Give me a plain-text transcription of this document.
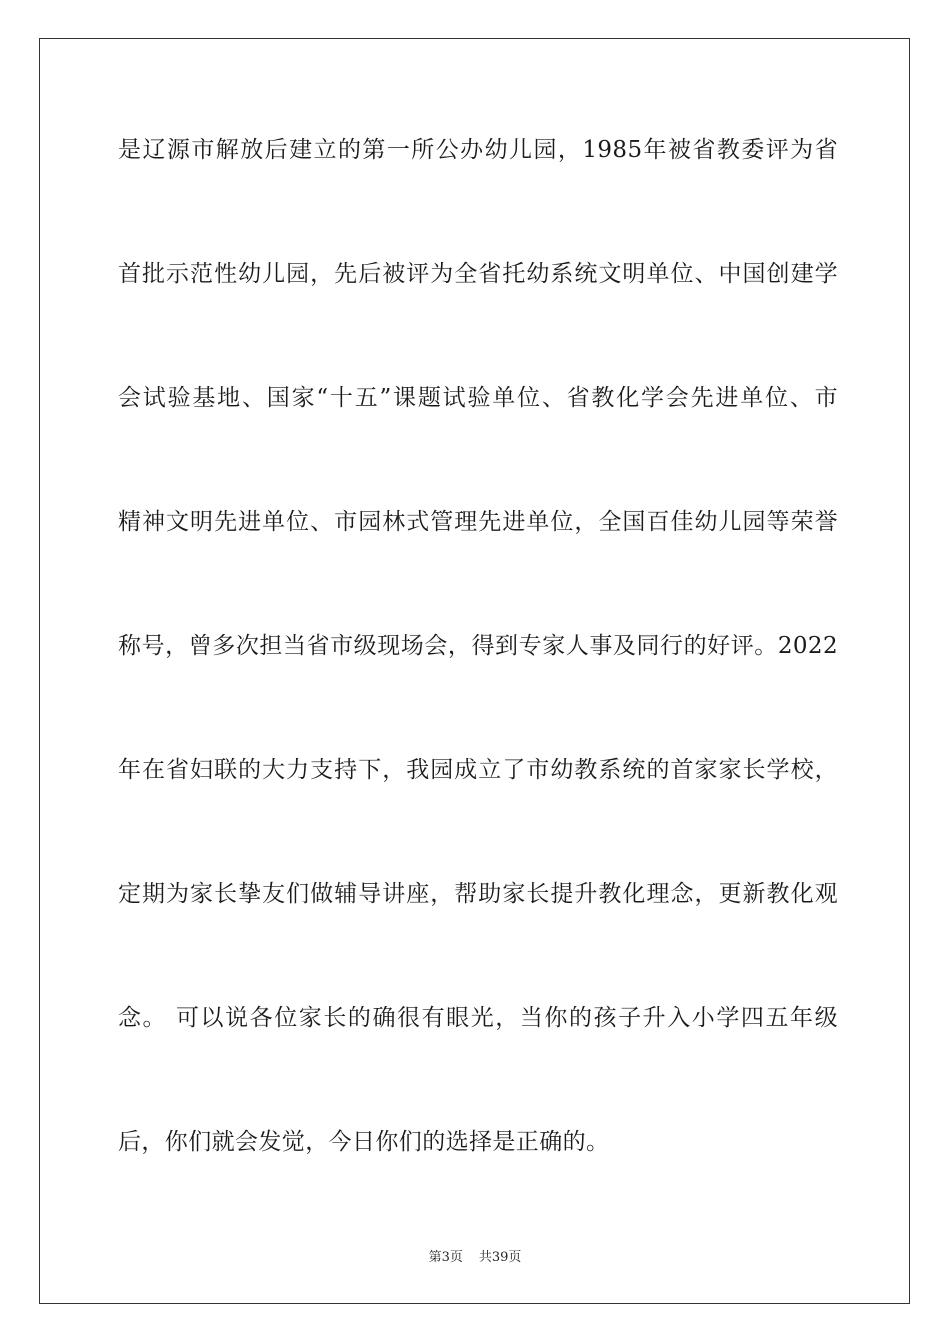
是辽源市解放后建立的第一所公办幼儿园，1985年被省教委评为省
首批示范性幼儿园，先后被评为全省托幼系统文明单位、中国创建学
会试验基地、国家“十五”课题试验单位、省教化学会先进单位、市
精神文明先进单位、市园林式管理先进单位，全国百佳幼儿园等荣誉
称号，曾多次担当省市级现场会，得到专家人事及同行的好评。2022
年在省妇联的大力支持下，我园成立了市幼教系统的首家家长学校，
定期为家长挚友们做辅导讲座，帮助家长提升教化理念，更新教化观
念。 可以说各位家长的确很有眼光，当你的孩子升入小学四五年级
后，你们就会发觉，今日你们的选择是正确的。
第3页 共39页
